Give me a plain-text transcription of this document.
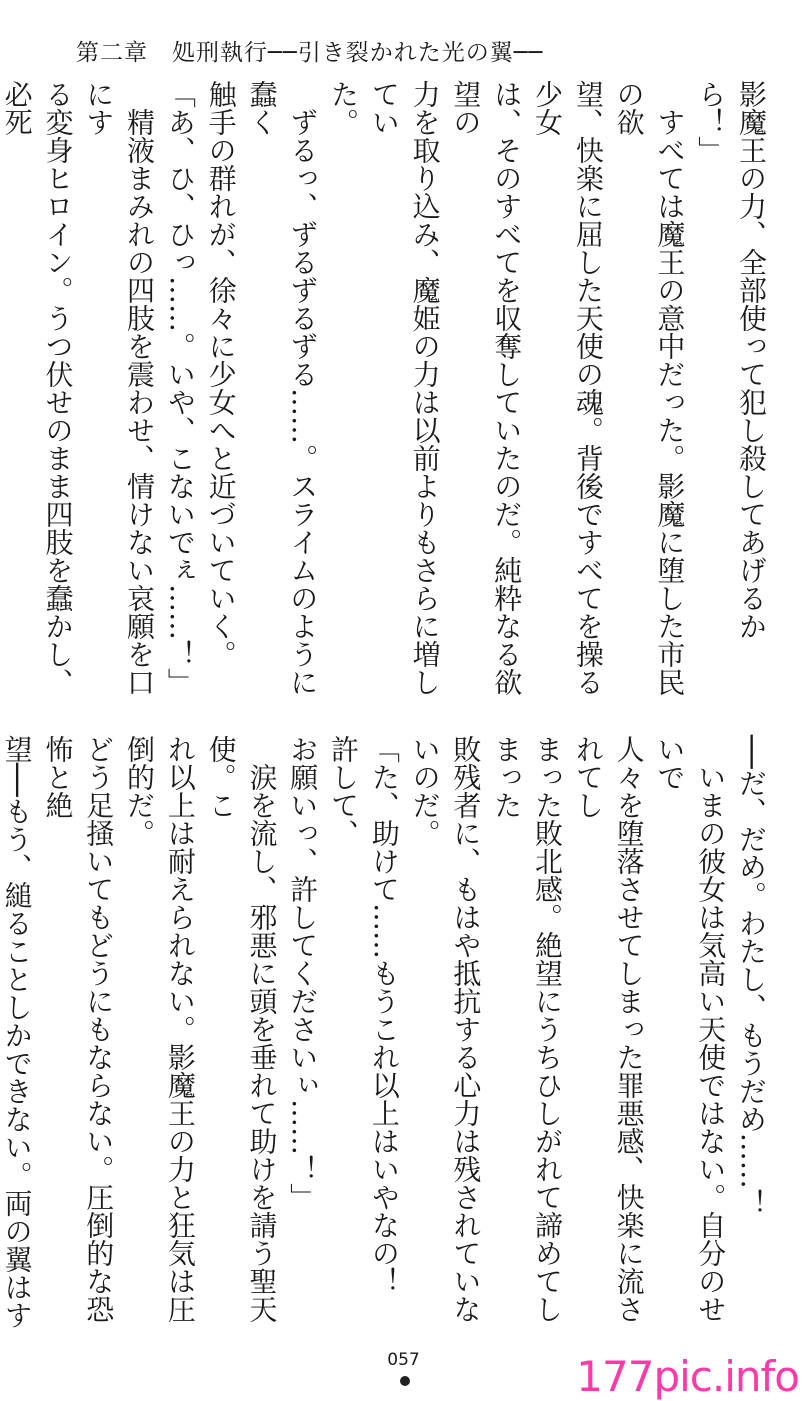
第二章　処刑執行──引き裂かれた光の翼──

影魔王の力、全部使って犯し殺してあげるから！」

　すべては魔王の意中だった。影魔に堕した市民の欲

望、快楽に屈した天使の魂。背後ですべてを操る少女

は、そのすべてを収奪していたのだ。純粋なる欲望の

力を取り込み、魔姫の力は以前よりもさらに増してい

た。

　ずるっ、ずるずるずる……。スライムのように蠢く

触手の群れが、徐々に少女へと近づいていく。

「あ、ひ、ひっ……。いや、こないでぇ……！」

　精液まみれの四肢を震わせ、情けない哀願を口にす

る変身ヒロイン。うつ伏せのまま四肢を蠢かし、必死

──だ、だめ。わたし、もうだめ……！

　いまの彼女は気高い天使ではない。自分のせいで

人々を堕落させてしまった罪悪感、快楽に流されてし

まった敗北感。絶望にうちひしがれて諦めてしまった

敗残者に、もはや抵抗する心力は残されていないのだ。

「た、助けて……もうこれ以上はいやなの！　許して、

お願いっ、許してくださいぃ……！」

　涙を流し、邪悪に頭を垂れて助けを請う聖天使。こ

れ以上は耐えられない。影魔王の力と狂気は圧倒的だ。

どう足掻いてもどうにもならない。圧倒的な恐怖と絶

望──もう、縋ることしかできない。両の翼はす

057	177pic.info
